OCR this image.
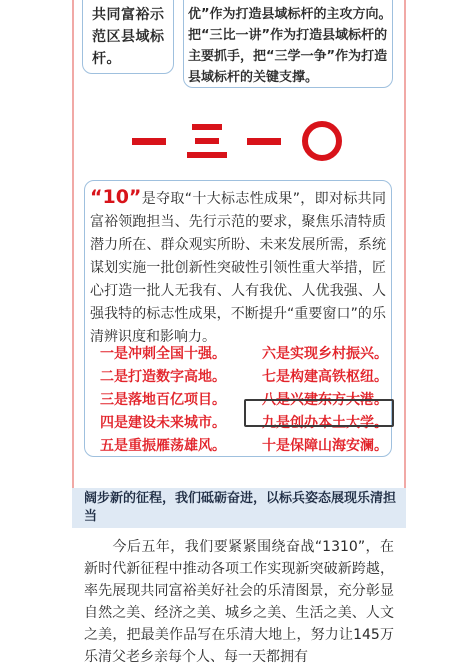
共同富裕示范区县域标杆。
优”作为打造县域标杆的主攻方向。把“三比一讲”作为打造县域标杆的主要抓手，把“三学一争”作为打造县域标杆的关键支撑。
“10”是夺取“十大标志性成果”，即对标共同富裕领跑担当、先行示范的要求，聚焦乐清特质潜力所在、群众观实所盼、未来发展所需，系统谋划实施一批创新性突破性引领性重大举措，匠心打造一批人无我有、人有我优、人优我强、人强我特的标志性成果，不断提升“重要窗口”的乐清辨识度和影响力。
一是冲刺全国十强。	六是实现乡村振兴。
二是打造数字高地。	七是构建高铁枢纽。
三是落地百亿项目。	八是兴建东方大港。
四是建设未来城市。	九是创办本土大学。
五是重振雁荡雄风。	十是保障山海安澜。
阔步新的征程，我们砥砺奋进，以标兵姿态展现乐清担当
今后五年，我们要紧紧围绕奋战“1310”，在新时代新征程中推动各项工作实现新突破新跨越，率先展现共同富裕美好社会的乐清图景，充分彰显自然之美、经济之美、城乡之美、生活之美、人文之美，把最美作品写在乐清大地上，努力让145万乐清父老乡亲每个人、每一天都拥有
